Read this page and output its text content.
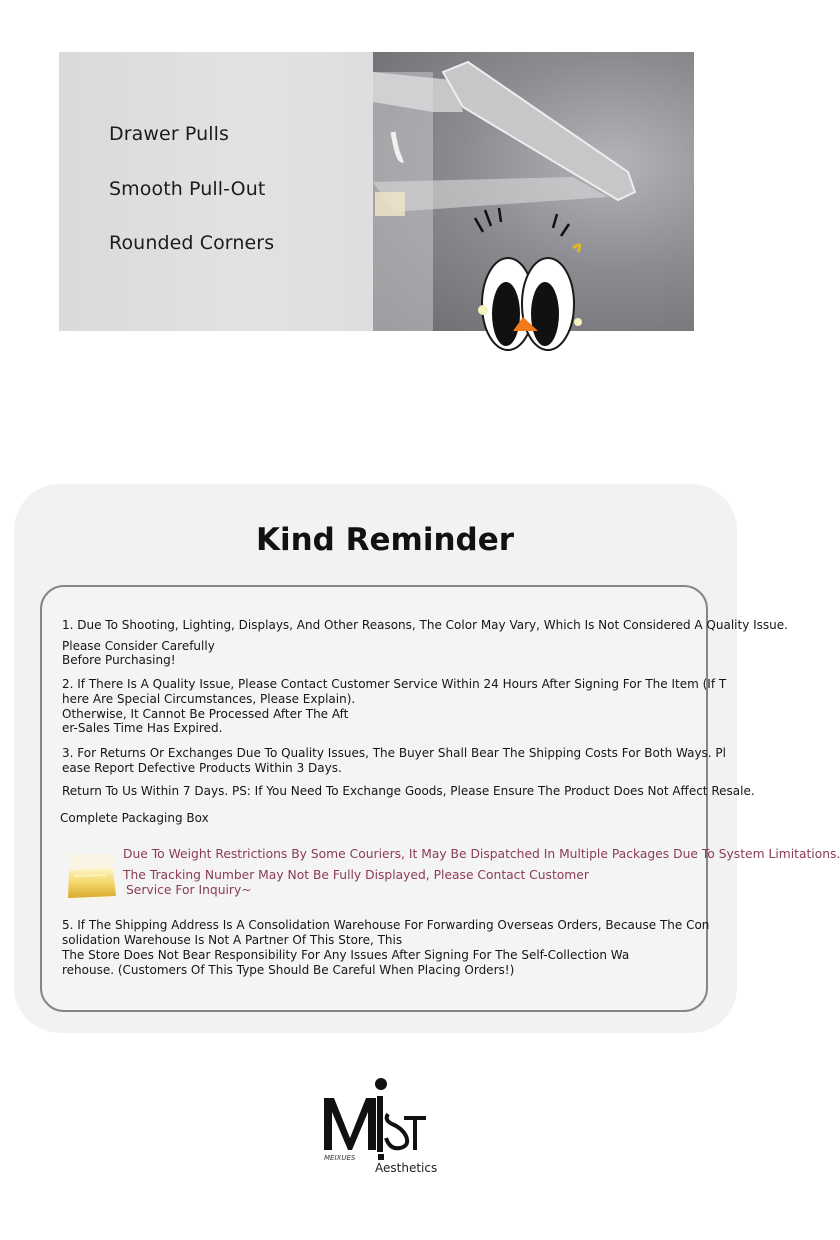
Drawer Pulls
Smooth Pull-Out
Rounded Corners
Kind Reminder
1. Due To Shooting, Lighting, Displays, And Other Reasons, The Color May Vary, Which Is Not Considered A Quality Issue.
Please Consider Carefully
Before Purchasing!
2. If There Is A Quality Issue, Please Contact Customer Service Within 24 Hours After Signing For The Item (If T
here Are Special Circumstances, Please Explain).
Otherwise, It Cannot Be Processed After The Aft
er-Sales Time Has Expired.
3. For Returns Or Exchanges Due To Quality Issues, The Buyer Shall Bear The Shipping Costs For Both Ways. Pl
ease Report Defective Products Within 3 Days.
Return To Us Within 7 Days. PS: If You Need To Exchange Goods, Please Ensure The Product Does Not Affect Resale.
Complete Packaging Box
Due To Weight Restrictions By Some Couriers, It May Be Dispatched In Multiple Packages Due To System Limitations.
The Tracking Number May Not Be Fully Displayed, Please Contact Customer
Service For Inquiry~
5. If The Shipping Address Is A Consolidation Warehouse For Forwarding Overseas Orders, Because The Con
solidation Warehouse Is Not A Partner Of This Store, This
The Store Does Not Bear Responsibility For Any Issues After Signing For The Self-Collection Wa
rehouse. (Customers Of This Type Should Be Careful When Placing Orders!)
MEIXUES
Aesthetics
